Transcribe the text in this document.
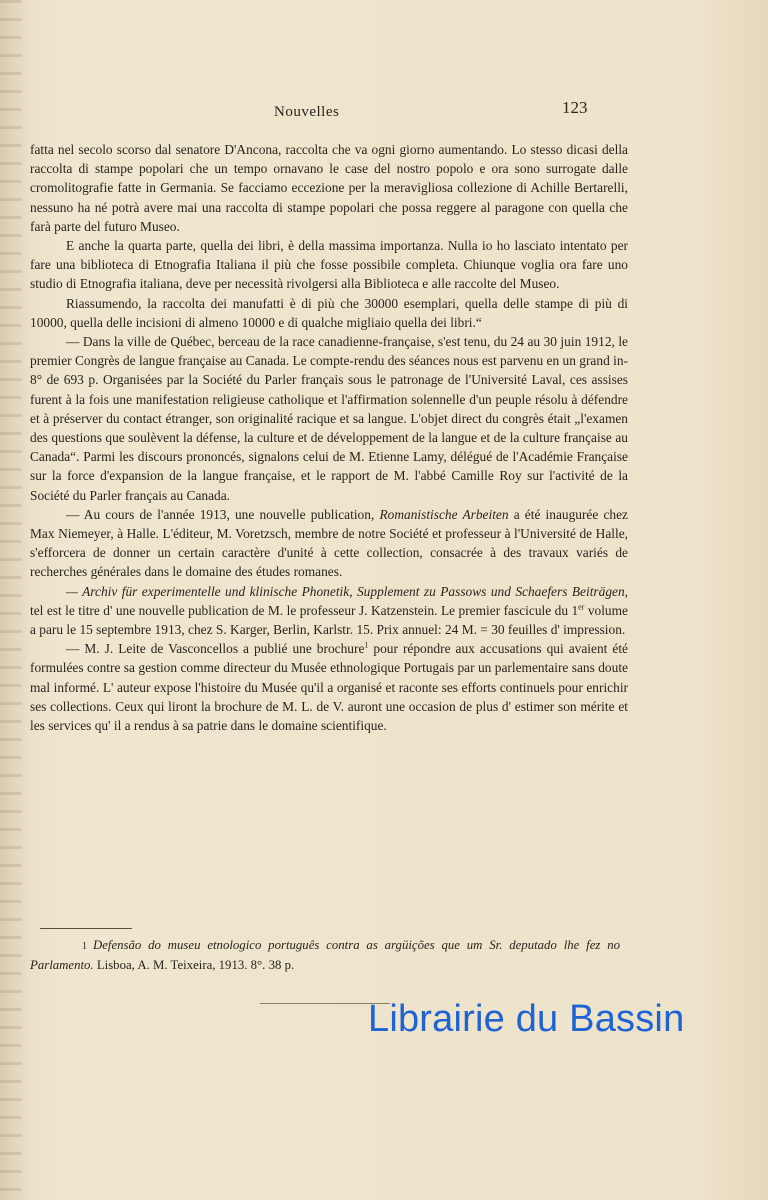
Nouvelles	123

fatta nel secolo scorso dal senatore D'Ancona, raccolta che va ogni giorno aumentando. Lo stesso dicasi della raccolta di stampe popolari che un tempo ornavano le case del nostro popolo e ora sono surrogate dalle cromolitografie fatte in Germania. Se facciamo eccezione per la meravigliosa collezione di Achille Bertarelli, nessuno ha né potrà avere mai una raccolta di stampe popolari che possa reggere al paragone con quella che farà parte del futuro Museo.

E anche la quarta parte, quella dei libri, è della massima importanza. Nulla io ho lasciato intentato per fare una biblioteca di Etnografia Italiana il più che fosse possibile completa. Chiunque voglia ora fare uno studio di Etnografia italiana, deve per necessità rivolgersi alla Biblioteca e alle raccolte del Museo.

Riassumendo, la raccolta dei manufatti è di più che 30000 esemplari, quella delle stampe di più di 10000, quella delle incisioni di almeno 10000 e di qualche migliaio quella dei libri.“

— Dans la ville de Québec, berceau de la race canadienne-française, s'est tenu, du 24 au 30 juin 1912, le premier Congrès de langue française au Canada. Le compte-rendu des séances nous est parvenu en un grand in-8° de 693 p. Organisées par la Société du Parler français sous le patronage de l'Université Laval, ces assises furent à la fois une manifestation religieuse catholique et l'affirmation solennelle d'un peuple résolu à défendre et à préserver du contact étranger, son originalité racique et sa langue. L'objet direct du congrès était „l'examen des questions que soulèvent la défense, la culture et de développement de la langue et de la culture française au Canada“. Parmi les discours prononcés, signalons celui de M. Etienne Lamy, délégué de l'Académie Française sur la force d'expansion de la langue française, et le rapport de M. l'abbé Camille Roy sur l'activité de la Société du Parler français au Canada.

— Au cours de l'année 1913, une nouvelle publication, Romanistische Arbeiten a été inaugurée chez Max Niemeyer, à Halle. L'éditeur, M. Voretzsch, membre de notre Société et professeur à l'Université de Halle, s'efforcera de donner un certain caractère d'unité à cette collection, consacrée à des travaux variés de recherches générales dans le domaine des études romanes.

— Archiv für experimentelle und klinische Phonetik, Supplement zu Passows und Schaefers Beiträgen, tel est le titre d' une nouvelle publication de M. le professeur J. Katzenstein. Le premier fascicule du 1er volume a paru le 15 septembre 1913, chez S. Karger, Berlin, Karlstr. 15. Prix annuel: 24 M. = 30 feuilles d' impression.

— M. J. Leite de Vasconcellos a publié une brochure$^1$ pour répondre aux accusations qui avaient été formulées contre sa gestion comme directeur du Musée ethnologique Portugais par un parlementaire sans doute mal informé. L' auteur expose l'histoire du Musée qu'il a organisé et raconte ses efforts continuels pour enrichir ses collections. Ceux qui liront la brochure de M. L. de V. auront une occasion de plus d' estimer son mérite et les services qu' il a rendus à sa patrie dans le domaine scientifique.

1 Defensão do museu etnologico português contra as argüições que um Sr. deputado lhe fez no Parlamento. Lisboa, A. M. Teixeira, 1913. 8°. 38 p.
Librairie du Bassin
